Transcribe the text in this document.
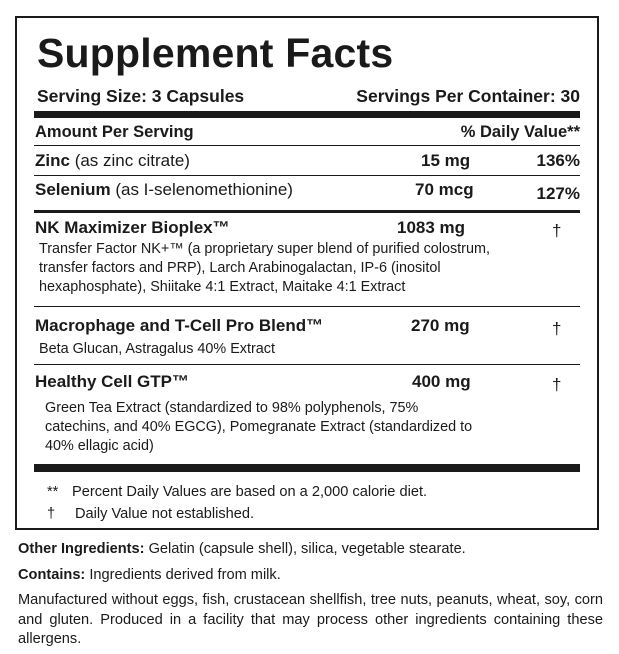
Supplement Facts
Serving Size: 3 Capsules	Servings Per Container: 30
Amount Per Serving	% Daily Value**
Zinc (as zinc citrate)	15 mg	136%
Selenium (as I-selenomethionine)	70 mcg	127%
NK Maximizer Bioplex™	1083 mg	†
Transfer Factor NK+™ (a proprietary super blend of purified colostrum, transfer factors and PRP), Larch Arabinogalactan, IP-6 (inositol hexaphosphate), Shiitake 4:1 Extract, Maitake 4:1 Extract
Macrophage and T-Cell Pro Blend™	270 mg	†
Beta Glucan, Astragalus 40% Extract
Healthy Cell GTP™	400 mg	†
Green Tea Extract (standardized to 98% polyphenols, 75% catechins, and 40% EGCG), Pomegranate Extract (standardized to 40% ellagic acid)
** Percent Daily Values are based on a 2,000 calorie diet.
† Daily Value not established.
Other Ingredients: Gelatin (capsule shell), silica, vegetable stearate.
Contains: Ingredients derived from milk.
Manufactured without eggs, fish, crustacean shellfish, tree nuts, peanuts, wheat, soy, corn and gluten. Produced in a facility that may process other ingredients containing these allergens.
